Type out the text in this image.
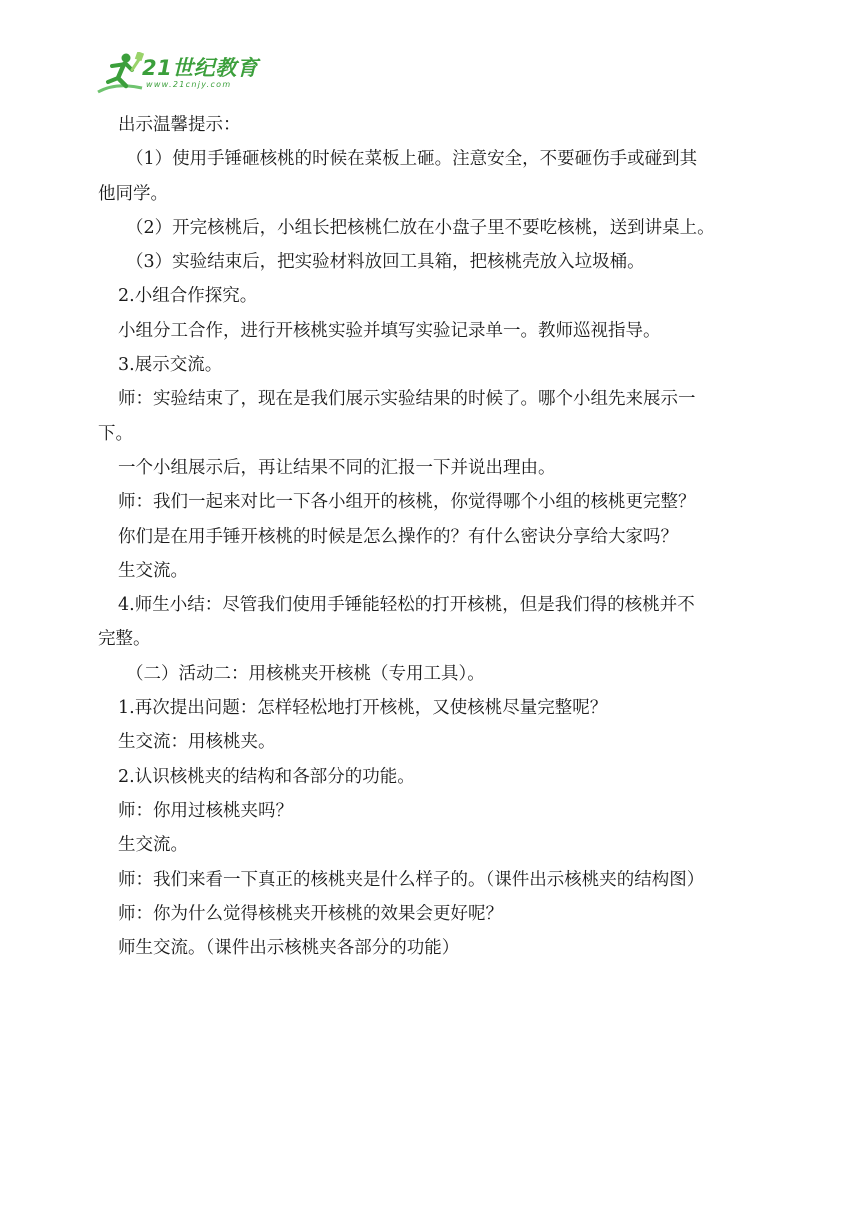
21世纪教育
www.21cnjy.com

出示温馨提示：

（1）使用手锤砸核桃的时候在菜板上砸。注意安全，不要砸伤手或碰到其
他同学。

（2）开完核桃后，小组长把核桃仁放在小盘子里不要吃核桃，送到讲桌上。

（3）实验结束后，把实验材料放回工具箱，把核桃壳放入垃圾桶。

2.小组合作探究。

小组分工合作，进行开核桃实验并填写实验记录单一。教师巡视指导。

3.展示交流。

师：实验结束了，现在是我们展示实验结果的时候了。哪个小组先来展示一
下。

一个小组展示后，再让结果不同的汇报一下并说出理由。

师：我们一起来对比一下各小组开的核桃，你觉得哪个小组的核桃更完整？

你们是在用手锤开核桃的时候是怎么操作的？有什么密诀分享给大家吗？

生交流。

4.师生小结：尽管我们使用手锤能轻松的打开核桃，但是我们得的核桃并不
完整。

（二）活动二：用核桃夹开核桃（专用工具）。

1.再次提出问题：怎样轻松地打开核桃，又使核桃尽量完整呢？

生交流：用核桃夹。

2.认识核桃夹的结构和各部分的功能。

师：你用过核桃夹吗？

生交流。

师：我们来看一下真正的核桃夹是什么样子的。（课件出示核桃夹的结构图）

师：你为什么觉得核桃夹开核桃的效果会更好呢？

师生交流。（课件出示核桃夹各部分的功能）
